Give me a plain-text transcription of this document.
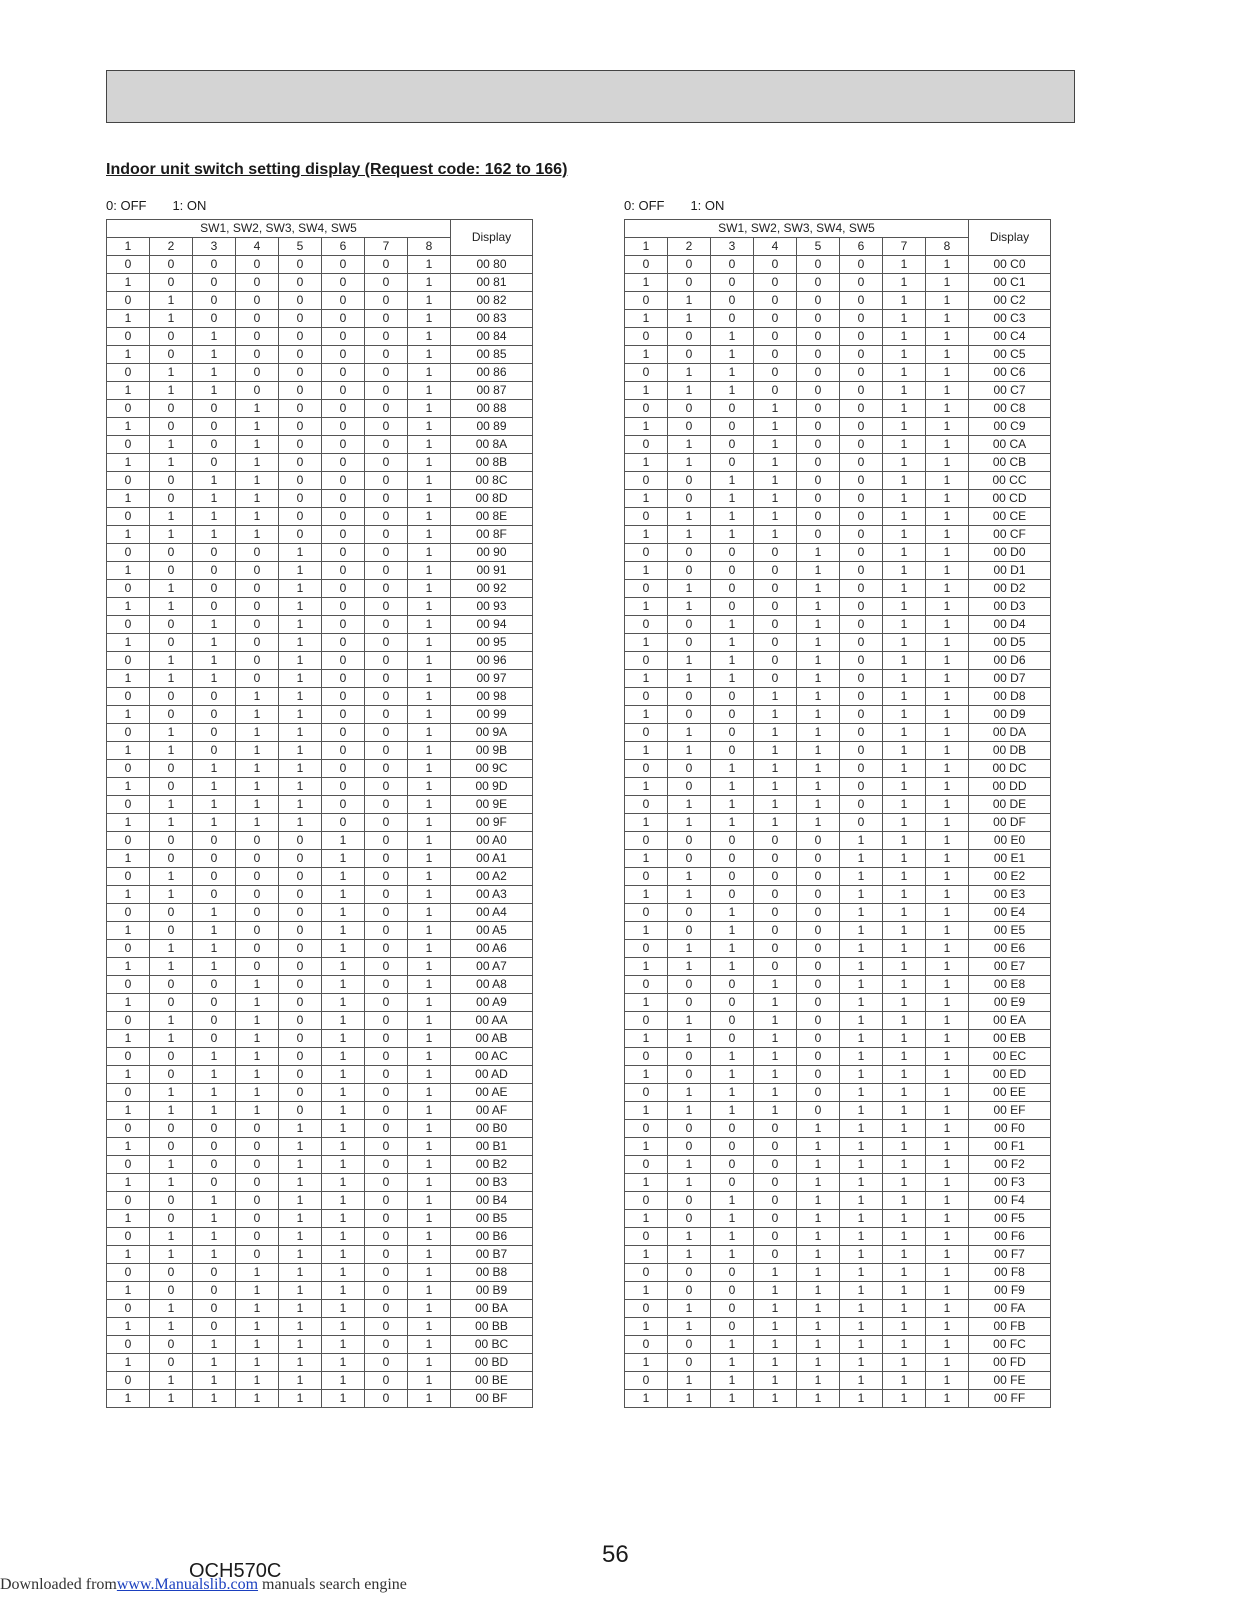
Indoor unit switch setting display (Request code: 162 to 166)
0: OFF 1: ON	0: OFF 1: ON
SW1, SW2, SW3, SW4, SW5								Display
1	2	3	4	5	6	7	8	
0	0	0	0	0	0	0	1	00 80
1	0	0	0	0	0	0	1	00 81
0	1	0	0	0	0	0	1	00 82
1	1	0	0	0	0	0	1	00 83
0	0	1	0	0	0	0	1	00 84
1	0	1	0	0	0	0	1	00 85
0	1	1	0	0	0	0	1	00 86
1	1	1	0	0	0	0	1	00 87
0	0	0	1	0	0	0	1	00 88
1	0	0	1	0	0	0	1	00 89
0	1	0	1	0	0	0	1	00 8A
1	1	0	1	0	0	0	1	00 8B
0	0	1	1	0	0	0	1	00 8C
1	0	1	1	0	0	0	1	00 8D
0	1	1	1	0	0	0	1	00 8E
1	1	1	1	0	0	0	1	00 8F
0	0	0	0	1	0	0	1	00 90
1	0	0	0	1	0	0	1	00 91
0	1	0	0	1	0	0	1	00 92
1	1	0	0	1	0	0	1	00 93
0	0	1	0	1	0	0	1	00 94
1	0	1	0	1	0	0	1	00 95
0	1	1	0	1	0	0	1	00 96
1	1	1	0	1	0	0	1	00 97
0	0	0	1	1	0	0	1	00 98
1	0	0	1	1	0	0	1	00 99
0	1	0	1	1	0	0	1	00 9A
1	1	0	1	1	0	0	1	00 9B
0	0	1	1	1	0	0	1	00 9C
1	0	1	1	1	0	0	1	00 9D
0	1	1	1	1	0	0	1	00 9E
1	1	1	1	1	0	0	1	00 9F
0	0	0	0	0	1	0	1	00 A0
1	0	0	0	0	1	0	1	00 A1
0	1	0	0	0	1	0	1	00 A2
1	1	0	0	0	1	0	1	00 A3
0	0	1	0	0	1	0	1	00 A4
1	0	1	0	0	1	0	1	00 A5
0	1	1	0	0	1	0	1	00 A6
1	1	1	0	0	1	0	1	00 A7
0	0	0	1	0	1	0	1	00 A8
1	0	0	1	0	1	0	1	00 A9
0	1	0	1	0	1	0	1	00 AA
1	1	0	1	0	1	0	1	00 AB
0	0	1	1	0	1	0	1	00 AC
1	0	1	1	0	1	0	1	00 AD
0	1	1	1	0	1	0	1	00 AE
1	1	1	1	0	1	0	1	00 AF
0	0	0	0	1	1	0	1	00 B0
1	0	0	0	1	1	0	1	00 B1
0	1	0	0	1	1	0	1	00 B2
1	1	0	0	1	1	0	1	00 B3
0	0	1	0	1	1	0	1	00 B4
1	0	1	0	1	1	0	1	00 B5
0	1	1	0	1	1	0	1	00 B6
1	1	1	0	1	1	0	1	00 B7
0	0	0	1	1	1	0	1	00 B8
1	0	0	1	1	1	0	1	00 B9
0	1	0	1	1	1	0	1	00 BA
1	1	0	1	1	1	0	1	00 BB
0	0	1	1	1	1	0	1	00 BC
1	0	1	1	1	1	0	1	00 BD
0	1	1	1	1	1	0	1	00 BE
1	1	1	1	1	1	0	1	00 BF
SW1, SW2, SW3, SW4, SW5								Display
1	2	3	4	5	6	7	8	
0	0	0	0	0	0	1	1	00 C0
1	0	0	0	0	0	1	1	00 C1
0	1	0	0	0	0	1	1	00 C2
1	1	0	0	0	0	1	1	00 C3
0	0	1	0	0	0	1	1	00 C4
1	0	1	0	0	0	1	1	00 C5
0	1	1	0	0	0	1	1	00 C6
1	1	1	0	0	0	1	1	00 C7
0	0	0	1	0	0	1	1	00 C8
1	0	0	1	0	0	1	1	00 C9
0	1	0	1	0	0	1	1	00 CA
1	1	0	1	0	0	1	1	00 CB
0	0	1	1	0	0	1	1	00 CC
1	0	1	1	0	0	1	1	00 CD
0	1	1	1	0	0	1	1	00 CE
1	1	1	1	0	0	1	1	00 CF
0	0	0	0	1	0	1	1	00 D0
1	0	0	0	1	0	1	1	00 D1
0	1	0	0	1	0	1	1	00 D2
1	1	0	0	1	0	1	1	00 D3
0	0	1	0	1	0	1	1	00 D4
1	0	1	0	1	0	1	1	00 D5
0	1	1	0	1	0	1	1	00 D6
1	1	1	0	1	0	1	1	00 D7
0	0	0	1	1	0	1	1	00 D8
1	0	0	1	1	0	1	1	00 D9
0	1	0	1	1	0	1	1	00 DA
1	1	0	1	1	0	1	1	00 DB
0	0	1	1	1	0	1	1	00 DC
1	0	1	1	1	0	1	1	00 DD
0	1	1	1	1	0	1	1	00 DE
1	1	1	1	1	0	1	1	00 DF
0	0	0	0	0	1	1	1	00 E0
1	0	0	0	0	1	1	1	00 E1
0	1	0	0	0	1	1	1	00 E2
1	1	0	0	0	1	1	1	00 E3
0	0	1	0	0	1	1	1	00 E4
1	0	1	0	0	1	1	1	00 E5
0	1	1	0	0	1	1	1	00 E6
1	1	1	0	0	1	1	1	00 E7
0	0	0	1	0	1	1	1	00 E8
1	0	0	1	0	1	1	1	00 E9
0	1	0	1	0	1	1	1	00 EA
1	1	0	1	0	1	1	1	00 EB
0	0	1	1	0	1	1	1	00 EC
1	0	1	1	0	1	1	1	00 ED
0	1	1	1	0	1	1	1	00 EE
1	1	1	1	0	1	1	1	00 EF
0	0	0	0	1	1	1	1	00 F0
1	0	0	0	1	1	1	1	00 F1
0	1	0	0	1	1	1	1	00 F2
1	1	0	0	1	1	1	1	00 F3
0	0	1	0	1	1	1	1	00 F4
1	0	1	0	1	1	1	1	00 F5
0	1	1	0	1	1	1	1	00 F6
1	1	1	0	1	1	1	1	00 F7
0	0	0	1	1	1	1	1	00 F8
1	0	0	1	1	1	1	1	00 F9
0	1	0	1	1	1	1	1	00 FA
1	1	0	1	1	1	1	1	00 FB
0	0	1	1	1	1	1	1	00 FC
1	0	1	1	1	1	1	1	00 FD
0	1	1	1	1	1	1	1	00 FE
1	1	1	1	1	1	1	1	00 FF
56
OCH570C
Downloaded fromwww.Manualslib.com manuals search engine
